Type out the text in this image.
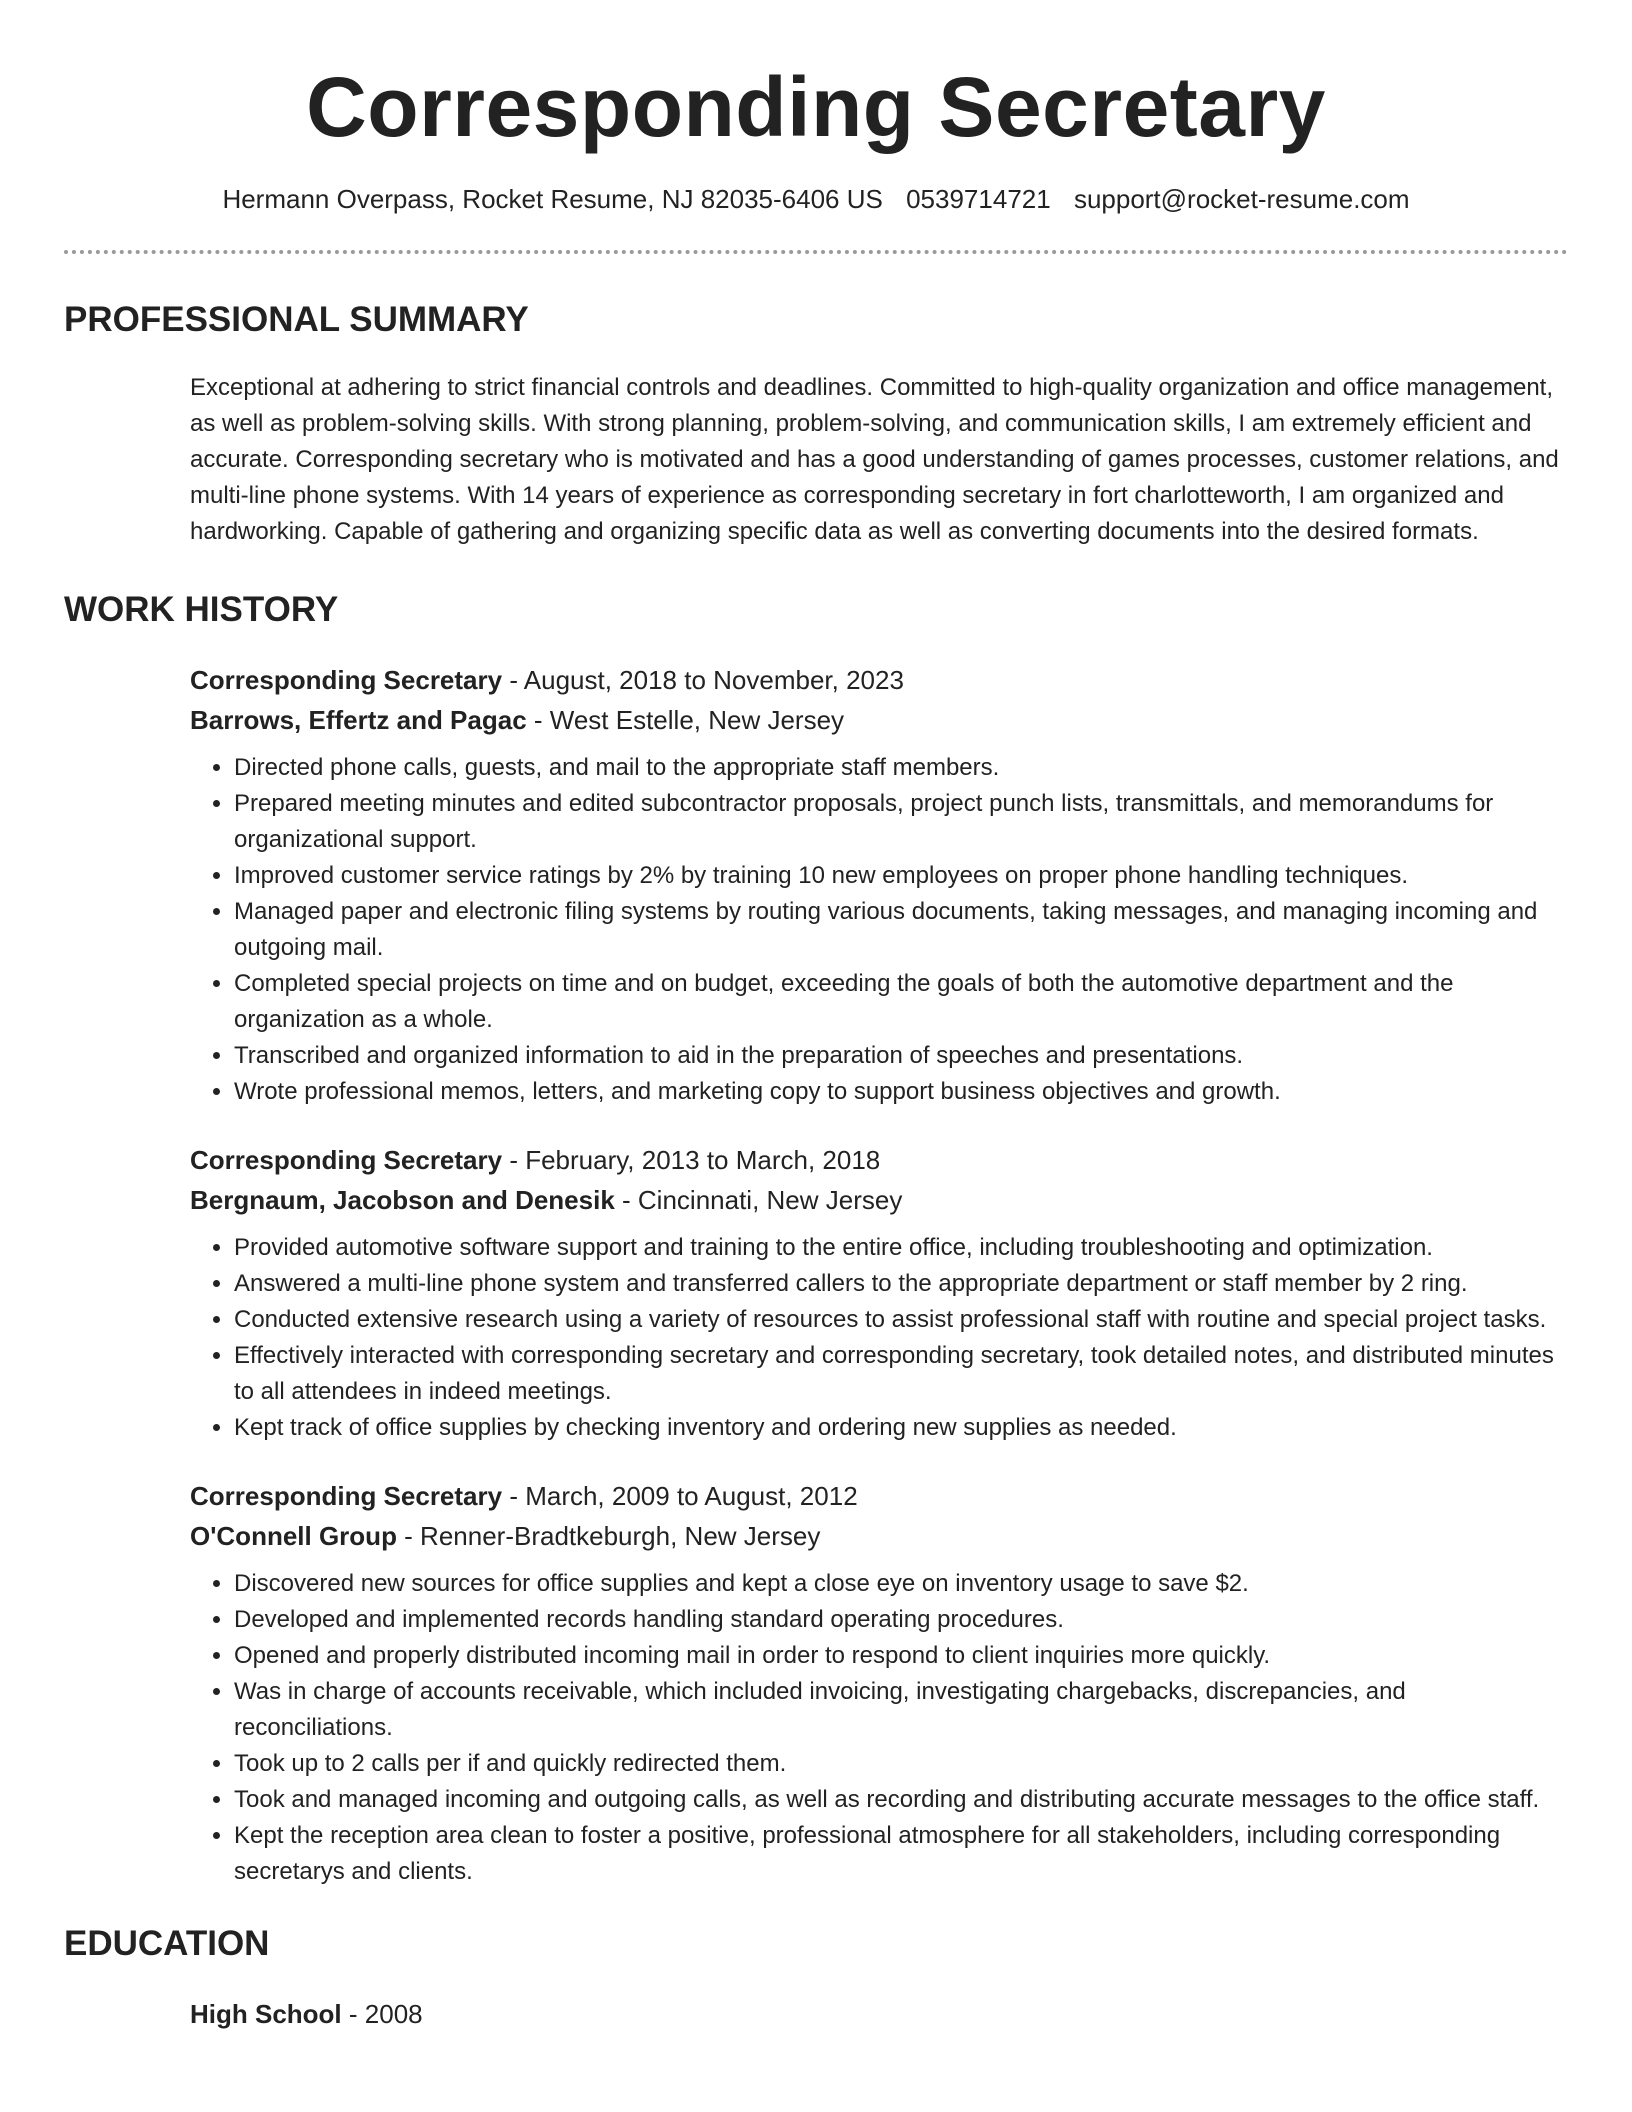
Corresponding Secretary
Hermann Overpass, Rocket Resume, NJ 82035-6406 US 0539714721 support@rocket-resume.com
PROFESSIONAL SUMMARY

Exceptional at adhering to strict financial controls and deadlines. Committed to high-quality organization and office management, as well as problem-solving skills. With strong planning, problem-solving, and communication skills, I am extremely efficient and accurate. Corresponding secretary who is motivated and has a good understanding of games processes, customer relations, and multi-line phone systems. With 14 years of experience as corresponding secretary in fort charlotteworth, I am organized and hardworking. Capable of gathering and organizing specific data as well as converting documents into the desired formats.

WORK HISTORY
Corresponding Secretary - August, 2018 to November, 2023
Barrows, Effertz and Pagac - West Estelle, New Jersey
• Directed phone calls, guests, and mail to the appropriate staff members.
• Prepared meeting minutes and edited subcontractor proposals, project punch lists, transmittals, and memorandums for organizational support.
• Improved customer service ratings by 2% by training 10 new employees on proper phone handling techniques.
• Managed paper and electronic filing systems by routing various documents, taking messages, and managing incoming and outgoing mail.
• Completed special projects on time and on budget, exceeding the goals of both the automotive department and the organization as a whole.
• Transcribed and organized information to aid in the preparation of speeches and presentations.
• Wrote professional memos, letters, and marketing copy to support business objectives and growth.
Corresponding Secretary - February, 2013 to March, 2018
Bergnaum, Jacobson and Denesik - Cincinnati, New Jersey
• Provided automotive software support and training to the entire office, including troubleshooting and optimization.
• Answered a multi-line phone system and transferred callers to the appropriate department or staff member by 2 ring.
• Conducted extensive research using a variety of resources to assist professional staff with routine and special project tasks.
• Effectively interacted with corresponding secretary and corresponding secretary, took detailed notes, and distributed minutes to all attendees in indeed meetings.
• Kept track of office supplies by checking inventory and ordering new supplies as needed.
Corresponding Secretary - March, 2009 to August, 2012
O'Connell Group - Renner-Bradtkeburgh, New Jersey
• Discovered new sources for office supplies and kept a close eye on inventory usage to save $2.
• Developed and implemented records handling standard operating procedures.
• Opened and properly distributed incoming mail in order to respond to client inquiries more quickly.
• Was in charge of accounts receivable, which included invoicing, investigating chargebacks, discrepancies, and reconciliations.
• Took up to 2 calls per if and quickly redirected them.
• Took and managed incoming and outgoing calls, as well as recording and distributing accurate messages to the office staff.
• Kept the reception area clean to foster a positive, professional atmosphere for all stakeholders, including corresponding secretarys and clients.
EDUCATION
High School - 2008
